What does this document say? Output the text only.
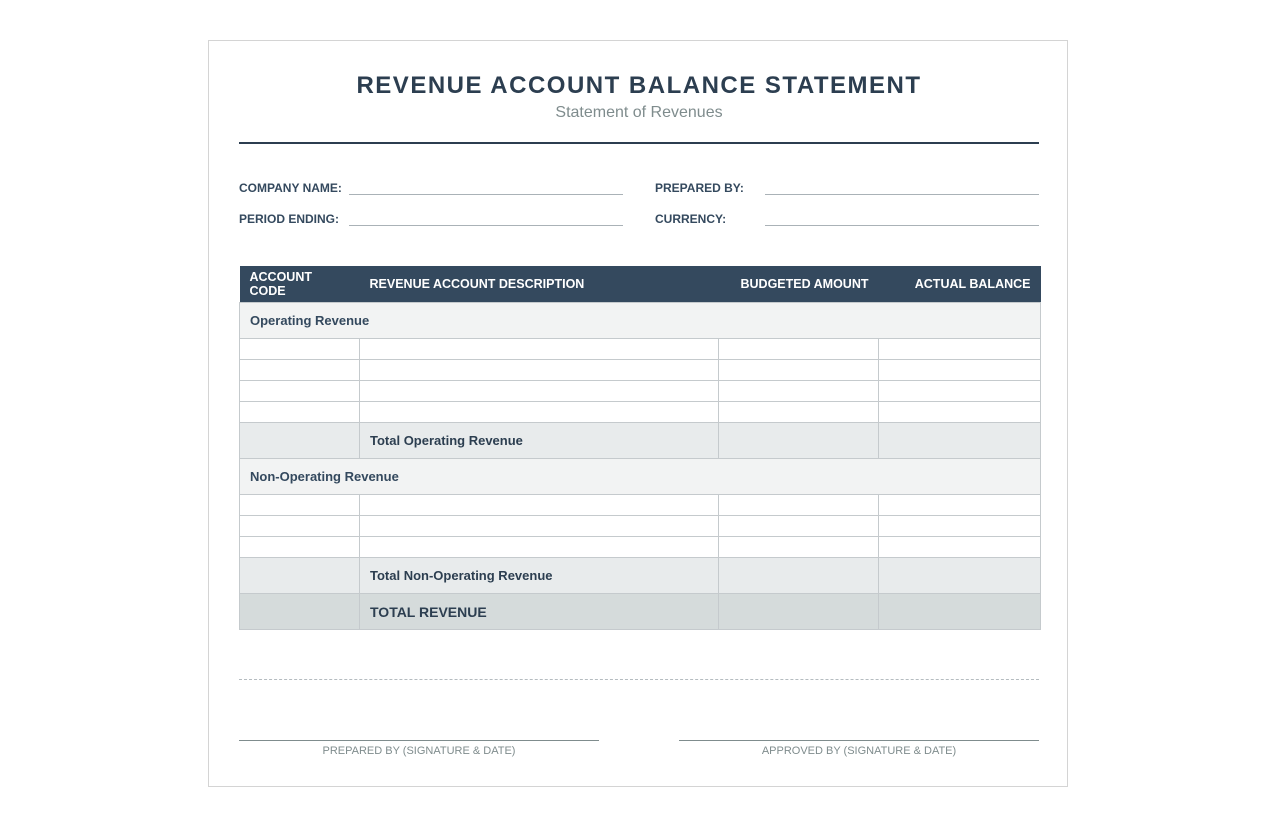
REVENUE ACCOUNT BALANCE STATEMENT
Statement of Revenues
COMPANY NAME:	PREPARED BY:
PERIOD ENDING:	CURRENCY:
ACCOUNT CODE	REVENUE ACCOUNT DESCRIPTION	BUDGETED AMOUNT	ACTUAL BALANCE
Operating Revenue			

	Total Operating Revenue		
Non-Operating Revenue			

	Total Non-Operating Revenue		
	TOTAL REVENUE		
PREPARED BY (SIGNATURE & DATE)	APPROVED BY (SIGNATURE & DATE)
